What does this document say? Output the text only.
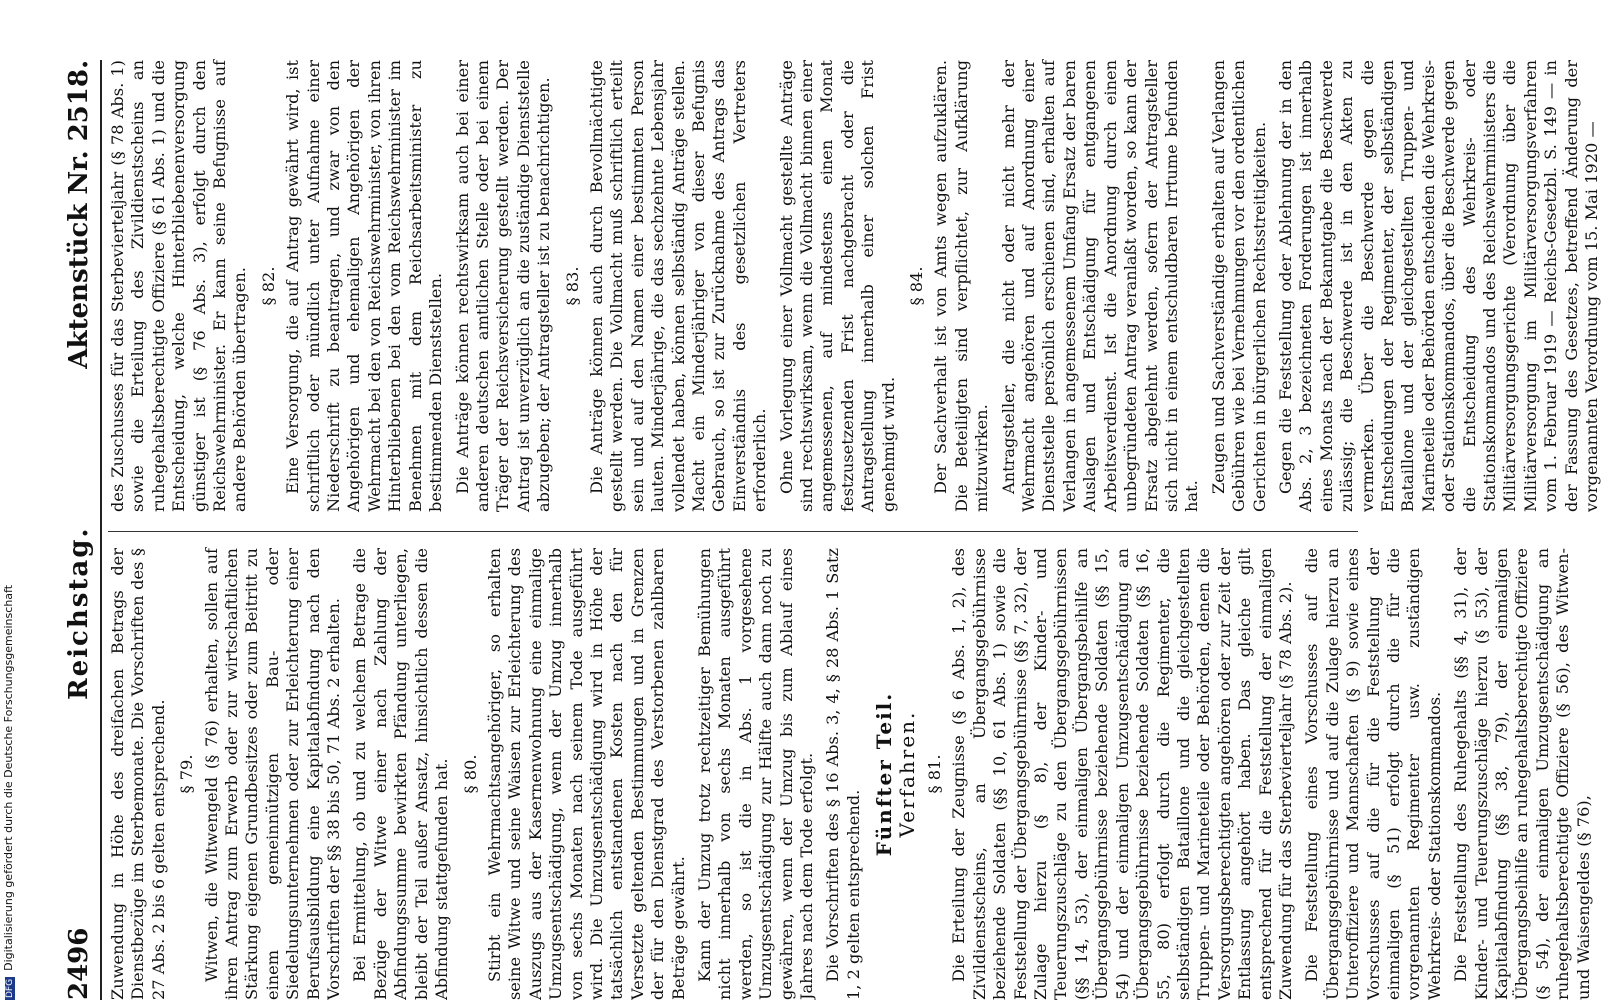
2496
Reichstag.
Aktenstück Nr. 2518.

Zuwendung in Höhe des dreifachen Betrags der Dienstbezüge im Sterbemonate. Die Vorschriften des § 27 Abs. 2 bis 6 gelten entsprechend. § 79. Witwen, die Witwengeld (§ 76) erhalten, sollen auf ihren Antrag zum Erwerb oder zur wirtschaftlichen Stärkung eigenen Grundbesitzes oder zum Beitritt zu einem gemeinnützigen Bau- oder Siedelungsunternehmen oder zur Erleichterung einer Berufsausbildung eine Kapitalabfindung nach den Vorschriften der §§ 38 bis 50, 71 Abs. 2 erhalten. Bei Ermittelung, ob und zu welchem Betrage die Bezüge der Witwe einer nach Zahlung der Abfindungssumme bewirkten Pfändung unterliegen, bleibt der Teil außer Ansatz, hinsichtlich dessen die Abfindung stattgefunden hat. § 80. Stirbt ein Wehrmachtsangehöriger, so erhalten seine Witwe und seine Waisen zur Erleichterung des Auszugs aus der Kasernenwohnung eine einmalige Umzugsentschädigung, wenn der Umzug innerhalb von sechs Monaten nach seinem Tode ausgeführt wird. Die Umzugsentschädigung wird in Höhe der tatsächlich entstandenen Kosten nach den für Versetzte geltenden Bestimmungen und in Grenzen der für den Dienstgrad des Verstorbenen zahlbaren Beträge gewährt. Kann der Umzug trotz rechtzeitiger Bemühungen nicht innerhalb von sechs Monaten ausgeführt werden, so ist die in Abs. 1 vorgesehene Umzugsentschädigung zur Hälfte auch dann noch zu gewähren, wenn der Umzug bis zum Ablauf eines Jahres nach dem Tode erfolgt. Die Vorschriften des § 16 Abs. 3, 4, § 28 Abs. 1 Satz 1, 2 gelten entsprechend.

Fünfter Teil.
Verfahren. § 81. Die Erteilung der Zeugnisse (§ 6 Abs. 1, 2), des Zivildienstscheins, an Übergangsgebührnisse beziehende Soldaten (§§ 10, 61 Abs. 1) sowie die Feststellung der Übergangsgebührnisse (§§ 7, 32), der Zulage hierzu (§ 8), der Kinder- und Teuerungszuschläge zu den Übergangsgebührnissen (§§ 14, 53), der einmaligen Übergangsbeihilfe an Übergangsgebührnisse beziehende Soldaten (§§ 15, 54) und der einmaligen Umzugsentschädigung an Übergangsgebührnisse beziehende Soldaten (§§ 16, 55, 80) erfolgt durch die Regimenter, die selbständigen Bataillone und die gleichgestellten Truppen- und Marineteile oder Behörden, denen die Versorgungsberechtigten angehören oder zur Zeit der Entlassung angehört haben. Das gleiche gilt entsprechend für die Feststellung der einmaligen Zuwendung für das Sterbevierteljahr (§ 78 Abs. 2). Die Feststellung eines Vorschusses auf die Übergangsgebührnisse und auf die Zulage hierzu an Unteroffiziere und Mannschaften (§ 9) sowie eines Vorschusses auf die für die Feststellung der einmaligen (§ 51) erfolgt durch die für die vorgenannten Regimenter usw. zuständigen Wehrkreis- oder Stationskommandos. Die Feststellung des Ruhegehalts (§§ 4, 31), der Kinder- und Teuerungszuschläge hierzu (§ 53), der Kapitalabfindung (§§ 38, 79), der einmaligen Übergangsbeihilfe an ruhegehaltsberechtigte Offiziere (§ 54), der einmaligen Umzugsentschädigung an ruhegehaltsberechtigte Offiziere (§ 56), des Witwen- und Waisengeldes (§ 76),

des Zuschusses für das Sterbevierteljahr (§ 78 Abs. 1) sowie die Erteilung des Zivildienstscheins an ruhegehaltsberechtigte Offiziere (§ 61 Abs. 1) und die Entscheidung, welche Hinterbliebenenversorgung günstiger ist (§ 76 Abs. 3), erfolgt durch den Reichswehrminister. Er kann seine Befugnisse auf andere Behörden übertragen. § 82. Eine Versorgung, die auf Antrag gewährt wird, ist schriftlich oder mündlich unter Aufnahme einer Niederschrift zu beantragen, und zwar von den Angehörigen und ehemaligen Angehörigen der Wehrmacht bei den von Reichswehrminister, von ihren Hinterbliebenen bei den vom Reichswehrminister im Benehmen mit dem Reichsarbeitsminister zu bestimmenden Dienststellen. Die Anträge können rechtswirksam auch bei einer anderen deutschen amtlichen Stelle oder bei einem Träger der Reichsversicherung gestellt werden. Der Antrag ist unverzüglich an die zuständige Dienststelle abzugeben; der Antragsteller ist zu benachrichtigen. § 83. Die Anträge können auch durch Bevollmächtigte gestellt werden. Die Vollmacht muß schriftlich erteilt sein und auf den Namen einer bestimmten Person lauten. Minderjährige, die das sechzehnte Lebensjahr vollendet haben, können selbständig Anträge stellen. Macht ein Minderjähriger von dieser Befugnis Gebrauch, so ist zur Zurücknahme des Antrags das Einverständnis des gesetzlichen Vertreters erforderlich. Ohne Vorlegung einer Vollmacht gestellte Anträge sind rechtswirksam, wenn die Vollmacht binnen einer angemessenen, auf mindestens einen Monat festzusetzenden Frist nachgebracht oder die Antragstellung innerhalb einer solchen Frist genehmigt wird.

§ 84. Der Sachverhalt ist von Amts wegen aufzuklären. Die Beteiligten sind verpflichtet, zur Aufklärung mitzuwirken. Antragsteller, die nicht oder nicht mehr der Wehrmacht angehören und auf Anordnung einer Dienststelle persönlich erschienen sind, erhalten auf Verlangen in angemessenem Umfang Ersatz der baren Auslagen und Entschädigung für entgangenen Arbeitsverdienst. Ist die Anordnung durch einen unbegründeten Antrag veranlaßt worden, so kann der Ersatz abgelehnt werden, sofern der Antragsteller sich nicht in einem entschuldbaren Irrtume befunden hat.

Zeugen und Sachverständige erhalten auf Verlangen Gebühren wie bei Vernehmungen vor den ordentlichen Gerichten in bürgerlichen Rechtsstreitigkeiten. Gegen die Feststellung oder Ablehnung der in den Abs. 2, 3 bezeichneten Forderungen ist innerhalb eines Monats nach der Bekanntgabe die Beschwerde zulässig; die Beschwerde ist in den Akten zu vermerken. Über die Beschwerde gegen die Entscheidungen der Regimenter, der selbständigen Bataillone und der gleichgestellten Truppen- und Marineteile oder Behörden entscheiden die Wehrkreis- oder Stationskommandos, über die Beschwerde gegen die Entscheidung des Wehrkreis- oder Stationskommandos und des Reichswehrministers die Militärversorgungsgerichte (Verordnung über die Militärversorgung im Militärversorgungsverfahren vom 1. Februar 1919 — Reichs-Gesetzbl. S. 149 — in der Fassung des Gesetzes, betreffend Änderung der vorgenannten Verordnung vom 15. Mai 1920 —

DFGDigitalisierung gefördert durch die Deutsche Forschungsgemeinschaft
